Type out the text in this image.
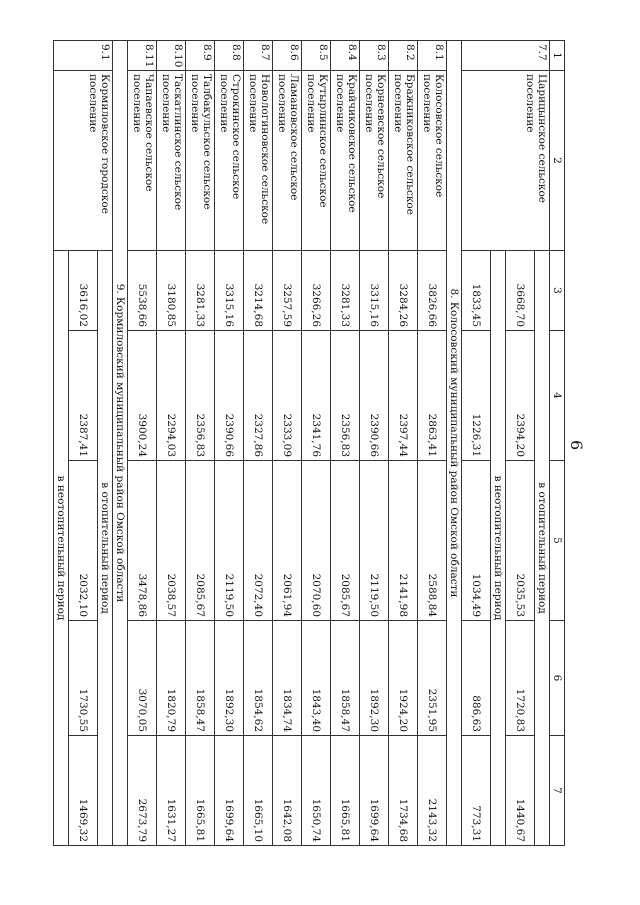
6
1	2	3	4	5	6	7
7.7	Царицынское сельское поселение	в отопительный период				
		3668,70	2394,20	2035,53	1720,83	1440,67
		в неотопительный период				
		1833,45	1226,31	1034,49	886,63	773,31
8. Колосовский муниципальный район Омской области						
8.1	Колосовское сельское поселение	3826,66	2863,41	2588,84	2351,95	2143,32
8.2	Бражниковское сельское поселение	3284,26	2397,44	2141,98	1924,20	1734,68
8.3	Корнеевское сельское поселение	3315,16	2390,66	2119,50	1892,30	1699,64
8.4	Крайчиковское сельское поселение	3281,33	2356,83	2085,67	1858,47	1665,81
8.5	Кутырлинское сельское поселение	3266,26	2341,76	2070,60	1843,40	1650,74
8.6	Ламановское сельское поселение	3257,59	2333,09	2061,94	1834,74	1642,08
8.7	Новологиновское сельское поселение	3214,68	2327,86	2072,40	1854,62	1665,10
8.8	Строкинское сельское поселение	3315,16	2390,66	2119,50	1892,30	1699,64
8.9	Талбакульское сельское поселение	3281,33	2356,83	2085,67	1858,47	1665,81
8.10	Таскатлинское сельское поселение	3180,85	2294,03	2038,57	1820,79	1631,27
8.11	Чапаевское сельское поселение	5538,66	3900,24	3478,86	3070,05	2673,79
9. Кормиловский муниципальный район Омской области						
9.1	Кормиловское городское поселение	в отопительный период				
		3616,02	2387,41	2032,10	1730,55	1469,32
		в неотопительный период				
